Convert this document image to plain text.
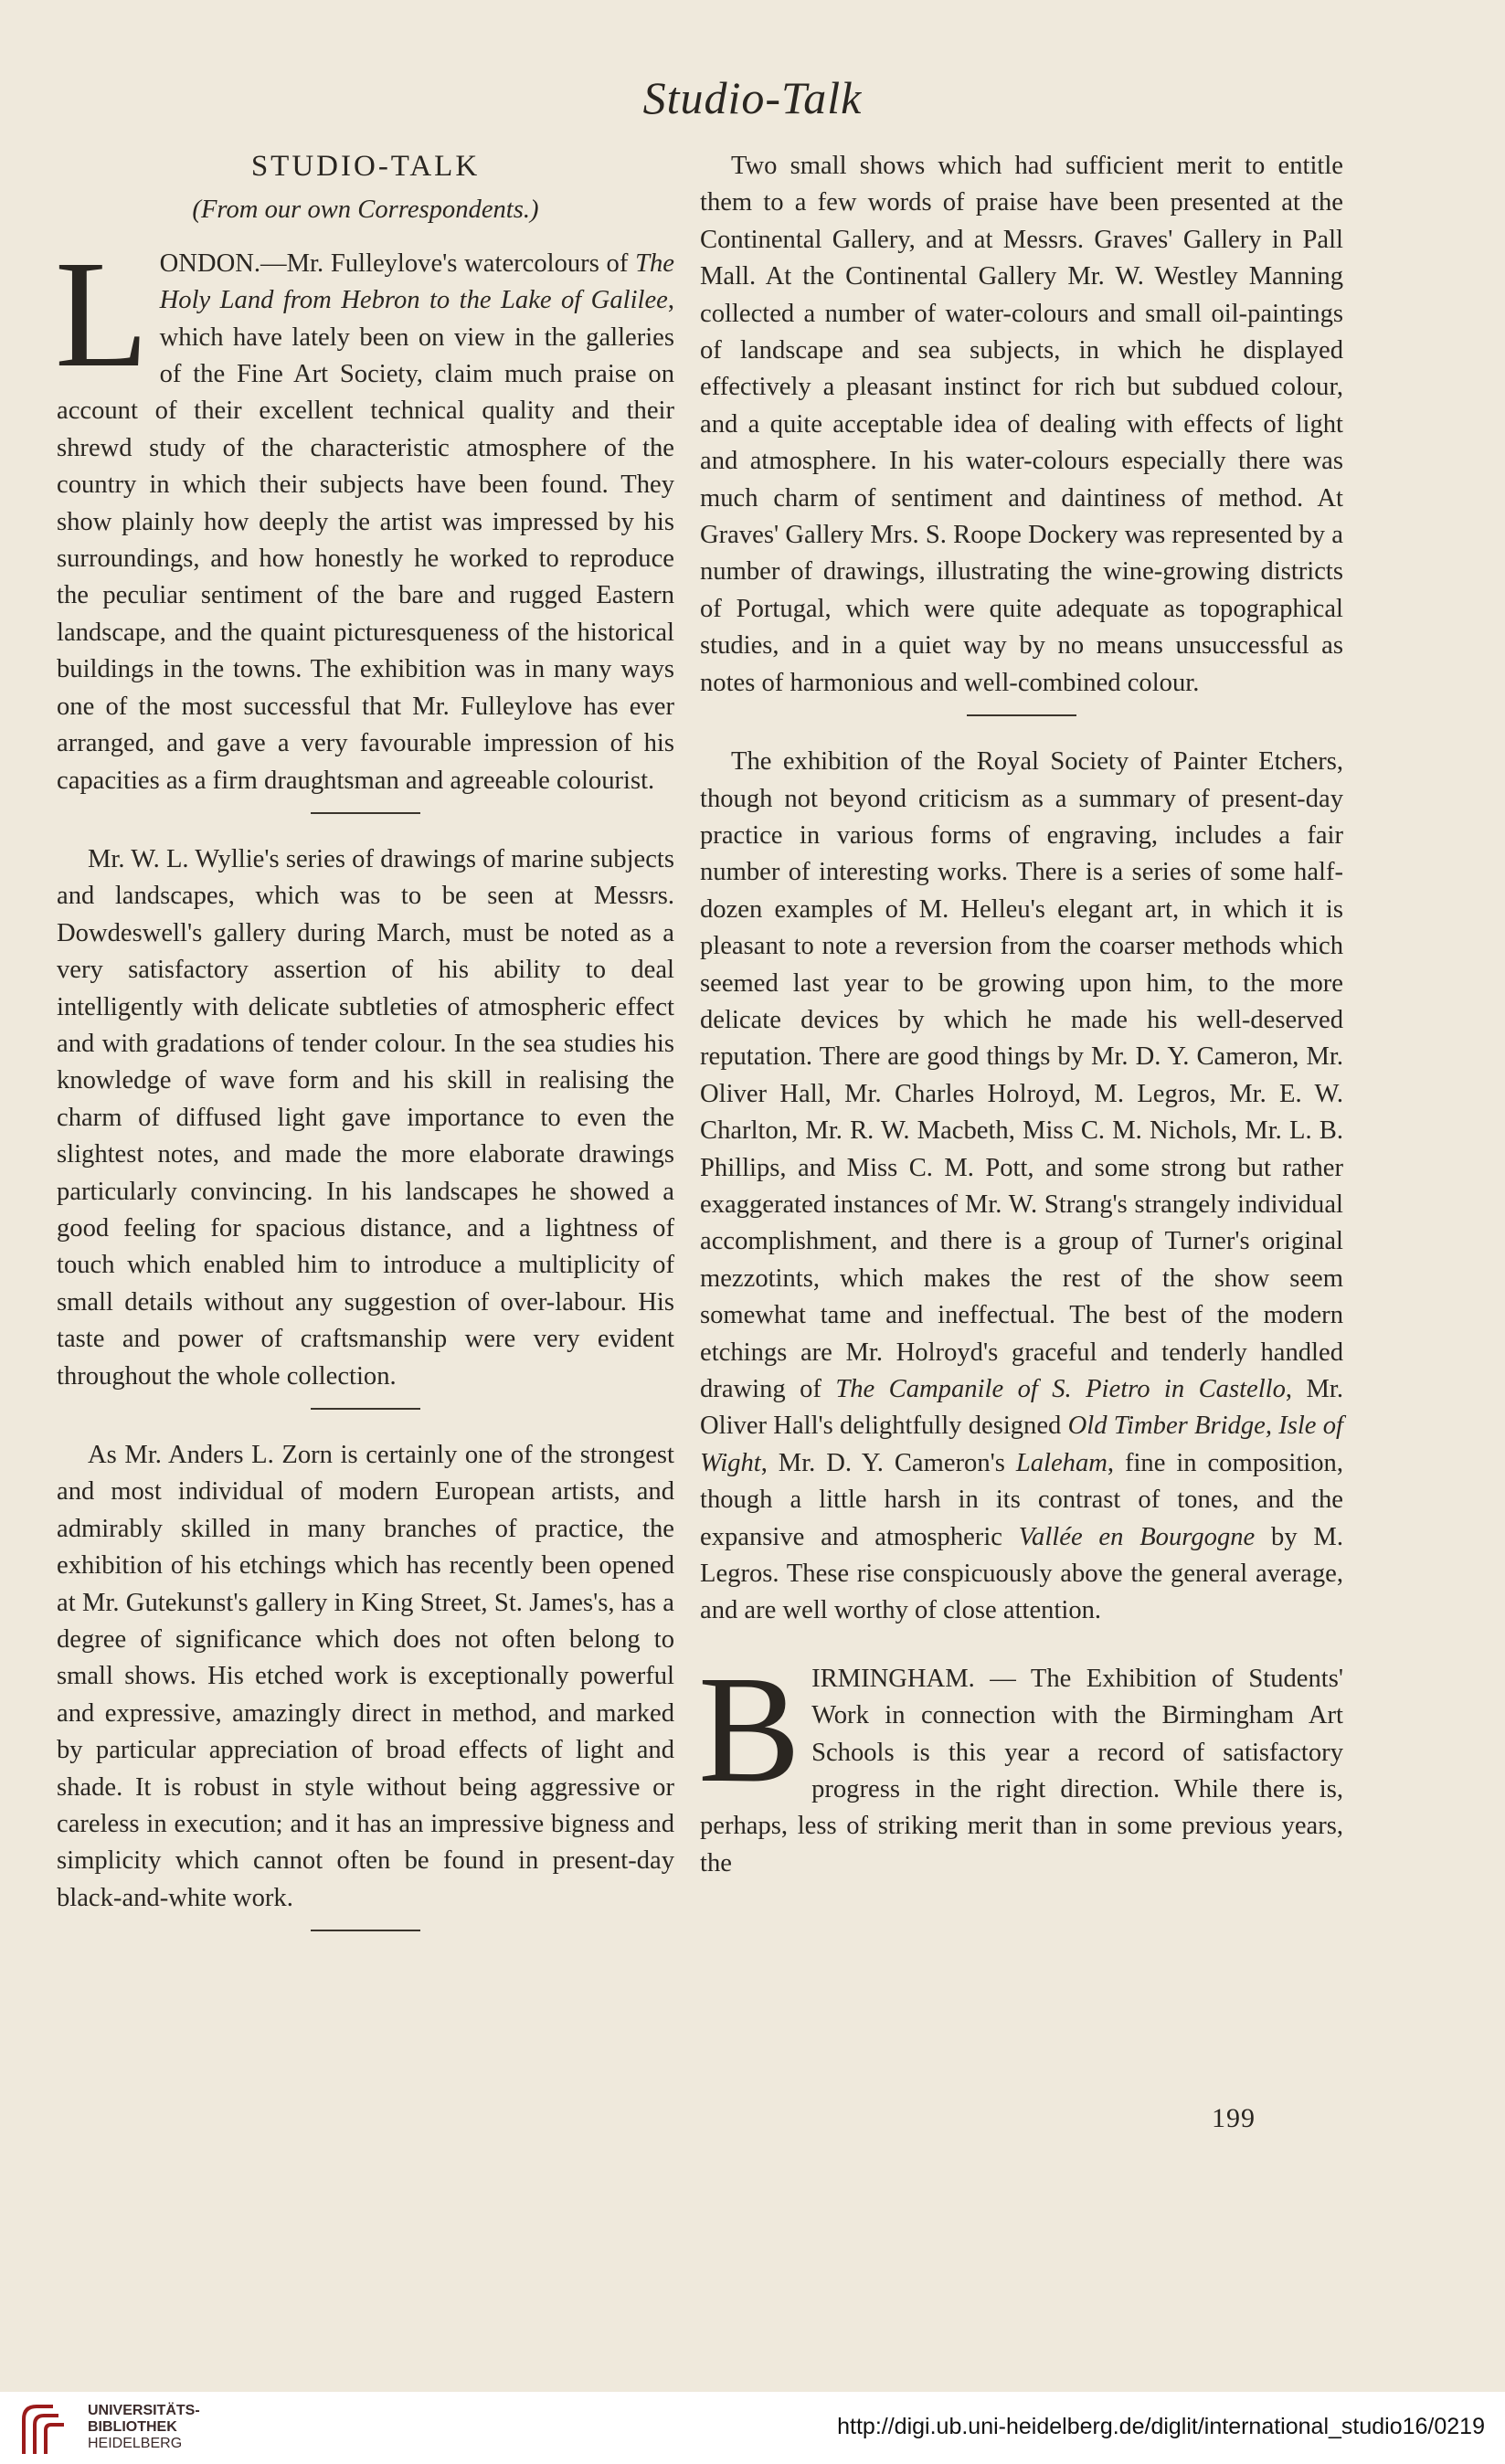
Studio-Talk
STUDIO-TALK
(From our own Correspondents.)

LONDON.—Mr. Fulleylove's watercolours of The Holy Land from Hebron to the Lake of Galilee, which have lately been on view in the galleries of the Fine Art Society, claim much praise on account of their excellent technical quality and their shrewd study of the characteristic atmosphere of the country in which their subjects have been found. They show plainly how deeply the artist was impressed by his surroundings, and how honestly he worked to reproduce the peculiar sentiment of the bare and rugged Eastern landscape, and the quaint picturesqueness of the historical buildings in the towns. The exhibition was in many ways one of the most successful that Mr. Fulleylove has ever arranged, and gave a very favourable impression of his capacities as a firm draughtsman and agreeable colourist.

Mr. W. L. Wyllie's series of drawings of marine subjects and landscapes, which was to be seen at Messrs. Dowdeswell's gallery during March, must be noted as a very satisfactory assertion of his ability to deal intelligently with delicate subtleties of atmospheric effect and with gradations of tender colour. In the sea studies his knowledge of wave form and his skill in realising the charm of diffused light gave importance to even the slightest notes, and made the more elaborate drawings particularly convincing. In his landscapes he showed a good feeling for spacious distance, and a lightness of touch which enabled him to introduce a multiplicity of small details without any suggestion of over-labour. His taste and power of craftsmanship were very evident throughout the whole collection.

As Mr. Anders L. Zorn is certainly one of the strongest and most individual of modern European artists, and admirably skilled in many branches of practice, the exhibition of his etchings which has recently been opened at Mr. Gutekunst's gallery in King Street, St. James's, has a degree of significance which does not often belong to small shows. His etched work is exceptionally powerful and expressive, amazingly direct in method, and marked by particular appreciation of broad effects of light and shade. It is robust in style without being aggressive or careless in execution; and it has an impressive bigness and simplicity which cannot often be found in present-day black-and-white work.

Two small shows which had sufficient merit to entitle them to a few words of praise have been presented at the Continental Gallery, and at Messrs. Graves' Gallery in Pall Mall. At the Continental Gallery Mr. W. Westley Manning collected a number of water-colours and small oil-paintings of landscape and sea subjects, in which he displayed effectively a pleasant instinct for rich but subdued colour, and a quite acceptable idea of dealing with effects of light and atmosphere. In his water-colours especially there was much charm of sentiment and daintiness of method. At Graves' Gallery Mrs. S. Roope Dockery was represented by a number of drawings, illustrating the wine-growing districts of Portugal, which were quite adequate as topographical studies, and in a quiet way by no means unsuccessful as notes of harmonious and well-combined colour.

The exhibition of the Royal Society of Painter Etchers, though not beyond criticism as a summary of present-day practice in various forms of engraving, includes a fair number of interesting works. There is a series of some half-dozen examples of M. Helleu's elegant art, in which it is pleasant to note a reversion from the coarser methods which seemed last year to be growing upon him, to the more delicate devices by which he made his well-deserved reputation. There are good things by Mr. D. Y. Cameron, Mr. Oliver Hall, Mr. Charles Holroyd, M. Legros, Mr. E. W. Charlton, Mr. R. W. Macbeth, Miss C. M. Nichols, Mr. L. B. Phillips, and Miss C. M. Pott, and some strong but rather exaggerated instances of Mr. W. Strang's strangely individual accomplishment, and there is a group of Turner's original mezzotints, which makes the rest of the show seem somewhat tame and ineffectual. The best of the modern etchings are Mr. Holroyd's graceful and tenderly handled drawing of The Campanile of S. Pietro in Castello, Mr. Oliver Hall's delightfully designed Old Timber Bridge, Isle of Wight, Mr. D. Y. Cameron's Laleham, fine in composition, though a little harsh in its contrast of tones, and the expansive and atmospheric Vallée en Bourgogne by M. Legros. These rise conspicuously above the general average, and are well worthy of close attention.

BIRMINGHAM. — The Exhibition of Students' Work in connection with the Birmingham Art Schools is this year a record of satisfactory progress in the right direction. While there is, perhaps, less of striking merit than in some previous years, the

199
UNIVERSITÄTS-
BIBLIOTHEK
HEIDELBERG
http://digi.ub.uni-heidelberg.de/diglit/international_studio16/0219
